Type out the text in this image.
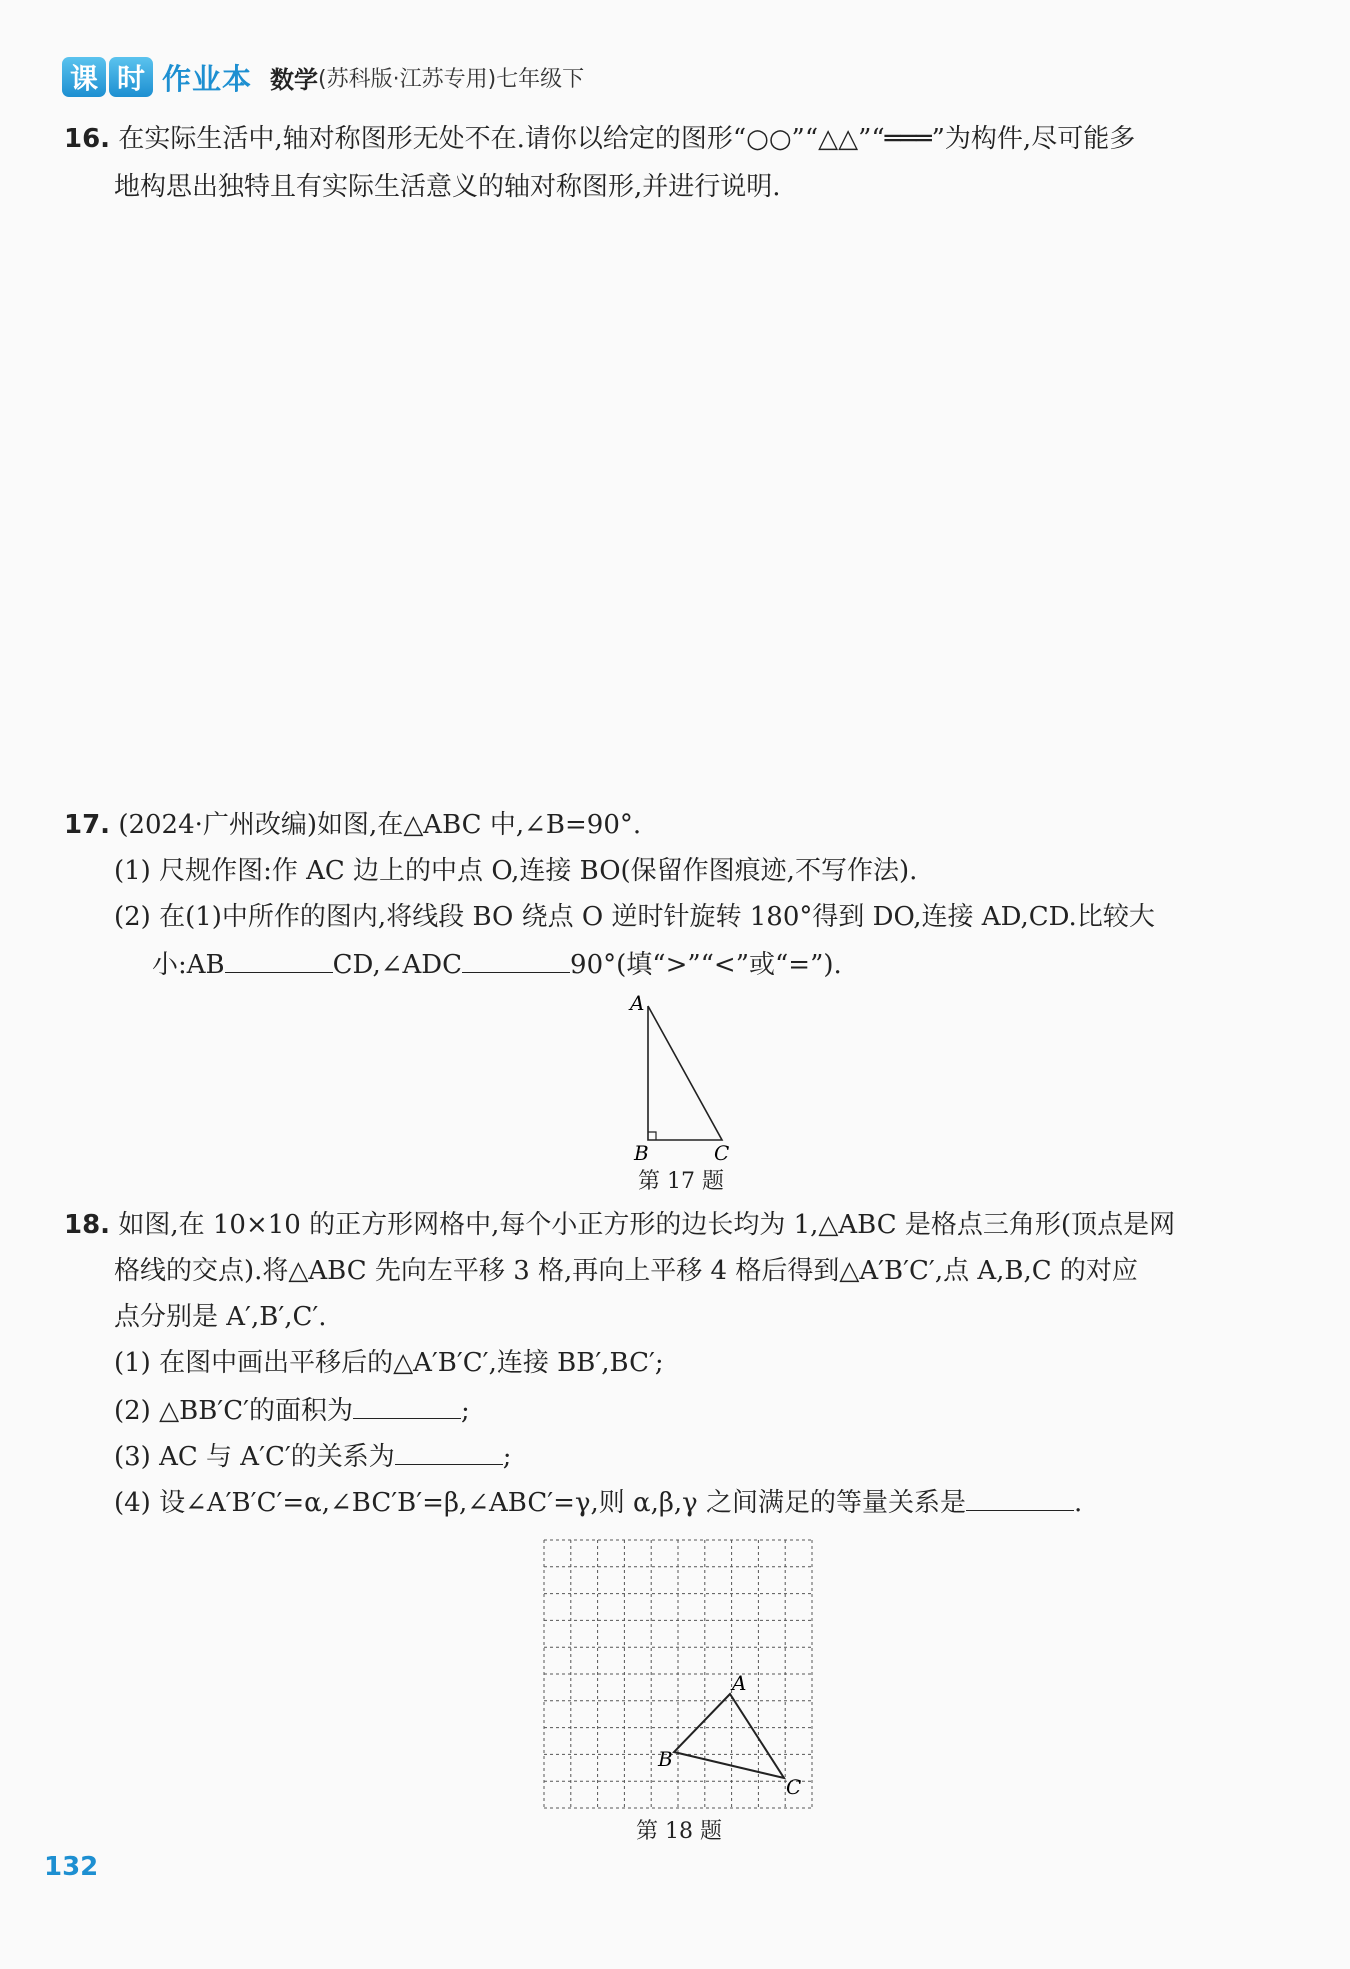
课 时 作业本 数学 (苏科版·江苏专用)七年级下
16. 在实际生活中,轴对称图形无处不在.请你以给定的图形“○○”“△△”“═══”为构件,尽可能多
地构思出独特且有实际生活意义的轴对称图形,并进行说明.
17. (2024·广州改编)如图,在△ABC 中,∠B=90°.
(1) 尺规作图:作 AC 边上的中点 O,连接 BO(保留作图痕迹,不写作法).
(2) 在(1)中所作的图内,将线段 BO 绕点 O 逆时针旋转 180°得到 DO,连接 AD,CD.比较大
小:AB	CD,∠ADC	90°(填“>”“<”或“=”).
A
B	C
第 17 题
18. 如图,在 10×10 的正方形网格中,每个小正方形的边长均为 1,△ABC 是格点三角形(顶点是网
格线的交点).将△ABC 先向左平移 3 格,再向上平移 4 格后得到△A′B′C′,点 A,B,C 的对应
点分别是 A′,B′,C′.
(1) 在图中画出平移后的△A′B′C′,连接 BB′,BC′;
(2) △BB′C′的面积为	;
(3) AC 与 A′C′的关系为	;
(4) 设∠A′B′C′=α,∠BC′B′=β,∠ABC′=γ,则 α,β,γ 之间满足的等量关系是	.
A
B
C
第 18 题
132
